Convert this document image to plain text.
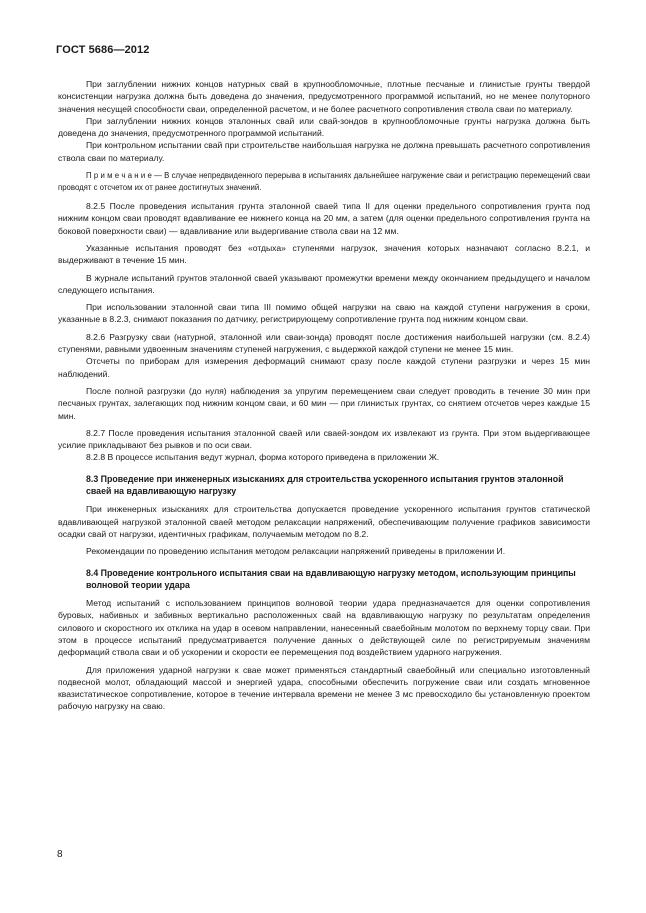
ГОСТ 5686—2012

При заглублении нижних концов натурных свай в крупнообломочные, плотные песчаные и глинистые грунты твердой консистенции нагрузка должна быть доведена до значения, предусмотренного программой испытаний, но не менее полуторного значения несущей способности сваи, определенной расчетом, и не более расчетного сопротивления ствола сваи по материалу.

При заглублении нижних концов эталонных свай или свай-зондов в крупнообломочные грунты нагрузка должна быть доведена до значения, предусмотренного программой испытаний.

При контрольном испытании свай при строительстве наибольшая нагрузка не должна превышать расчетного сопротивления ствола сваи по материалу.

П р и м е ч а н и е — В случае непредвиденного перерыва в испытаниях дальнейшее нагружение сваи и регистрацию перемещений сваи проводят с отсчетом их от ранее достигнутых значений.

8.2.5 После проведения испытания грунта эталонной сваей типа II для оценки предельного сопротивления грунта под нижним концом сваи проводят вдавливание ее нижнего конца на 20 мм, а затем (для оценки предельного сопротивления грунта на боковой поверхности сваи) — вдавливание или выдергивание ствола сваи на 12 мм.

Указанные испытания проводят без «отдыха» ступенями нагрузок, значения которых назначают согласно 8.2.1, и выдерживают в течение 15 мин.

В журнале испытаний грунтов эталонной сваей указывают промежутки времени между окончанием предыдущего и началом следующего испытания.

При использовании эталонной сваи типа III помимо общей нагрузки на сваю на каждой ступени нагружения в сроки, указанные в 8.2.3, снимают показания по датчику, регистрирующему сопротивление грунта под нижним концом сваи.

8.2.6 Разгрузку сваи (натурной, эталонной или сваи-зонда) проводят после достижения наибольшей нагрузки (см. 8.2.4) ступенями, равными удвоенным значениям ступеней нагружения, с выдержкой каждой ступени не менее 15 мин.

Отсчеты по приборам для измерения деформаций снимают сразу после каждой ступени разгрузки и через 15 мин наблюдений.

После полной разгрузки (до нуля) наблюдения за упругим перемещением сваи следует проводить в течение 30 мин при песчаных грунтах, залегающих под нижним концом сваи, и 60 мин — при глинистых грунтах, со снятием отсчетов через каждые 15 мин.

8.2.7 После проведения испытания эталонной сваей или сваей-зондом их извлекают из грунта. При этом выдергивающее усилие прикладывают без рывков и по оси сваи.

8.2.8 В процессе испытания ведут журнал, форма которого приведена в приложении Ж.

8.3 Проведение при инженерных изысканиях для строительства ускоренного испытания грунтов эталонной сваей на вдавливающую нагрузку

При инженерных изысканиях для строительства допускается проведение ускоренного испытания грунтов статической вдавливающей нагрузкой эталонной сваей методом релаксации напряжений, обеспечивающим получение графиков зависимости осадки свай от нагрузки, идентичных графикам, получаемым методом по 8.2.

Рекомендации по проведению испытания методом релаксации напряжений приведены в приложении И.

8.4 Проведение контрольного испытания сваи на вдавливающую нагрузку методом, использующим принципы волновой теории удара

Метод испытаний с использованием принципов волновой теории удара предназначается для оценки сопротивления буровых, набивных и забивных вертикально расположенных свай на вдавливающую нагрузку по результатам определения силового и скоростного их отклика на удар в осевом направлении, нанесенный сваебойным молотом по верхнему торцу сваи. При этом в процессе испытаний предусматривается получение данных о действующей силе по регистрируемым значениям деформаций ствола сваи и об ускорении и скорости ее перемещения под воздействием ударного нагружения.

Для приложения ударной нагрузки к свае может применяться стандартный сваебойный или специально изготовленный подвесной молот, обладающий массой и энергией удара, способными обеспечить погружение сваи или создать мгновенное квазистатическое сопротивление, которое в течение интервала времени не менее 3 мс превосходило бы установленную проектом рабочую нагрузку на сваю.

8
